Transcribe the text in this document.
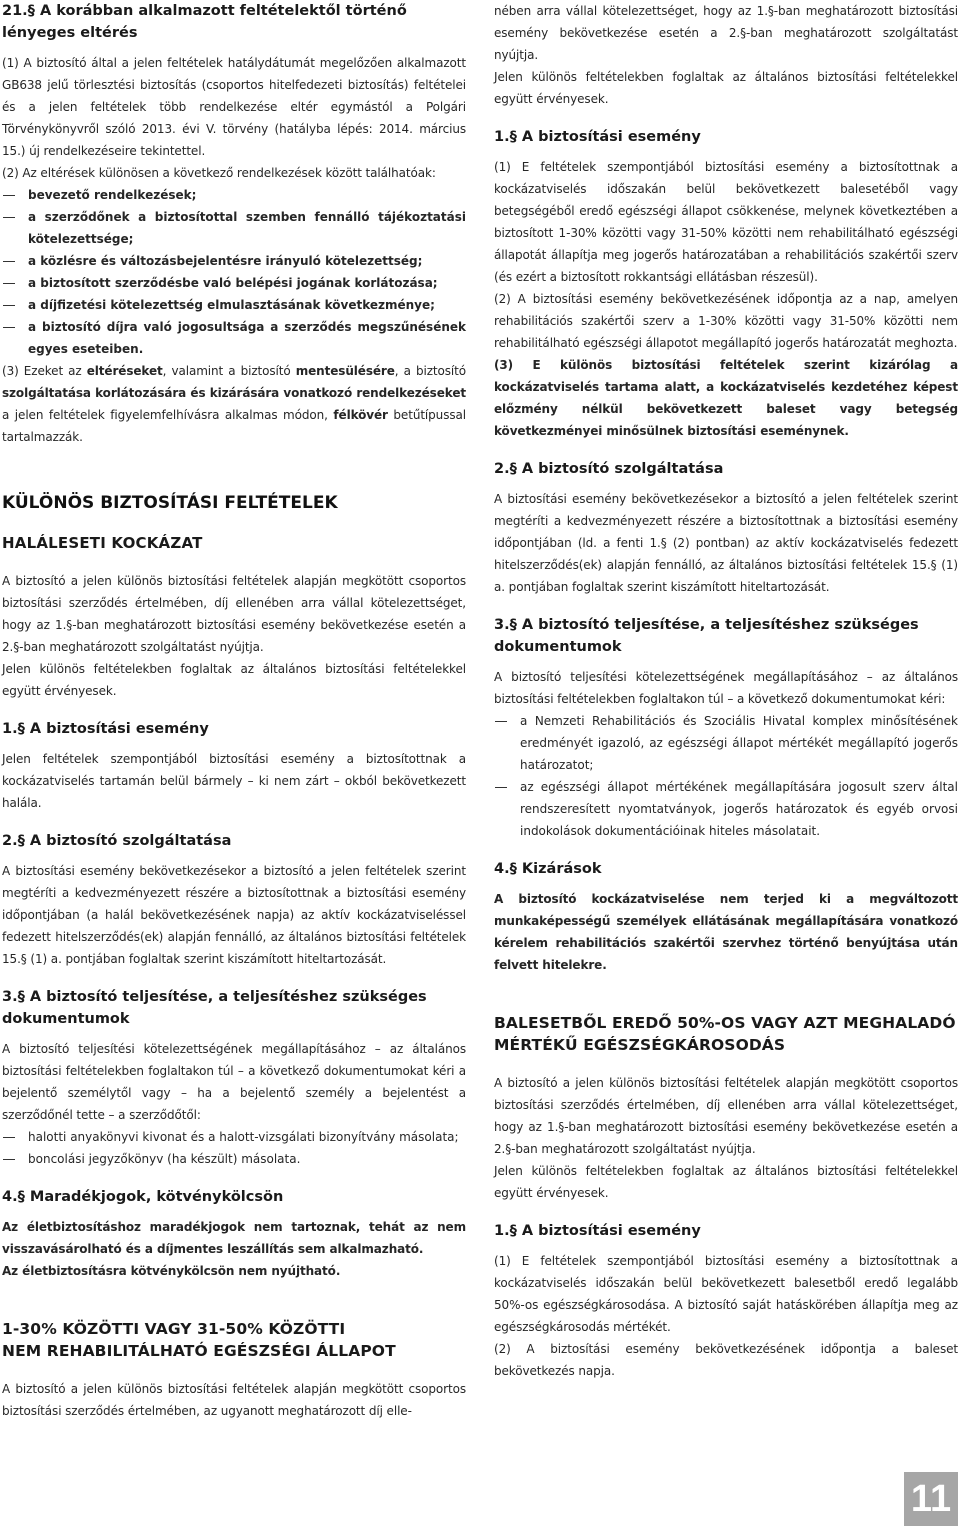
21.§ A korábban alkalmazott feltételektől történő lényeges eltérés

(1) A biztosító által a jelen feltételek hatálydátumát megelőzően alkalmazott GB638 jelű törlesztési biztosítás (csoportos hitelfedezeti biztosítás) feltételei és a jelen feltételek több rendelkezése eltér egymástól a Polgári Törvénykönyvről szóló 2013. évi V. törvény (hatályba lépés: 2014. március 15.) új rendelkezéseire tekintettel.

(2) Az eltérések különösen a következő rendelkezések között találhatóak:

bevezető rendelkezések;
a szerződőnek a biztosítottal szemben fennálló tájékoztatási kötelezettsége;
a közlésre és változásbejelentésre irányuló kötelezettség;
a biztosított szerződésbe való belépési jogának korlátozása;
a díjfizetési kötelezettség elmulasztásának következménye;
a biztosító díjra való jogosultsága a szerződés megszűnésének egyes eseteiben.

(3) Ezeket az eltéréseket, valamint a biztosító mentesülésére, a biztosító szolgáltatása korlátozására és kizárására vonatkozó rendelkezéseket a jelen feltételek figyelemfelhívásra alkalmas módon, félkövér betűtípussal tartalmazzák.

KÜLÖNÖS BIZTOSÍTÁSI FELTÉTELEK
HALÁLESETI KOCKÁZAT

A biztosító a jelen különös biztosítási feltételek alapján megkötött csoportos biztosítási szerződés értelmében, díj ellenében arra vállal kötelezettséget, hogy az 1.§-ban meghatározott biztosítási esemény bekövetkezése esetén a 2.§-ban meghatározott szolgáltatást nyújtja.

Jelen különös feltételekben foglaltak az általános biztosítási feltételekkel együtt érvényesek.

1.§ A biztosítási esemény

Jelen feltételek szempontjából biztosítási esemény a biztosítottnak a kockázatviselés tartamán belül bármely – ki nem zárt – okból bekövetkezett halála.

2.§ A biztosító szolgáltatása

A biztosítási esemény bekövetkezésekor a biztosító a jelen feltételek szerint megtéríti a kedvezményezett részére a biztosítottnak a biztosítási esemény időpontjában (a halál bekövetkezésének napja) az aktív kockázatviseléssel fedezett hitelszerződés(ek) alapján fennálló, az általános biztosítási feltételek 15.§ (1) a. pontjában foglaltak szerint kiszámított hiteltartozását.

3.§ A biztosító teljesítése, a teljesítéshez szükséges dokumentumok

A biztosító teljesítési kötelezettségének megállapításához – az általános biztosítási feltételekben foglaltakon túl – a következő dokumentumokat kéri a bejelentő személytől vagy – ha a bejelentő személy a bejelentést a szerződőnél tette – a szerződőtől:

halotti anyakönyvi kivonat és a halott-vizsgálati bizonyítvány másolata;
boncolási jegyzőkönyv (ha készült) másolata.
4.§ Maradékjogok, kötvénykölcsön

Az életbiztosításhoz maradékjogok nem tartoznak, tehát az nem visszavásárolható és a díjmentes leszállítás sem alkalmazható.

Az életbiztosításra kötvénykölcsön nem nyújtható.

1-30% KÖZÖTTI VAGY 31-50% KÖZÖTTI
NEM REHABILITÁLHATÓ EGÉSZSÉGI ÁLLAPOT

A biztosító a jelen különös biztosítási feltételek alapján megkötött csoportos biztosítási szerződés értelmében, az ugyanott meghatározott díj elle-

nében arra vállal kötelezettséget, hogy az 1.§-ban meghatározott biztosítási esemény bekövetkezése esetén a 2.§-ban meghatározott szolgáltatást nyújtja.

Jelen különös feltételekben foglaltak az általános biztosítási feltételekkel együtt érvényesek.

1.§ A biztosítási esemény

(1) E feltételek szempontjából biztosítási esemény a biztosítottnak a kockázatviselés időszakán belül bekövetkezett balesetéből vagy betegségéből eredő egészségi állapot csökkenése, melynek következtében a biztosított 1-30% közötti vagy 31-50% közötti nem rehabilitálható egészségi állapotát állapítja meg jogerős határozatában a rehabilitációs szakértői szerv (és ezért a biztosított rokkantsági ellátásban részesül).

(2) A biztosítási esemény bekövetkezésének időpontja az a nap, amelyen rehabilitációs szakértői szerv a 1-30% közötti vagy 31-50% közötti nem rehabilitálható egészségi állapotot megállapító jogerős határozatát meghozta.

(3) E különös biztosítási feltételek szerint kizárólag a kockázatviselés tartama alatt, a kockázatviselés kezdetéhez képest előzmény nélkül bekövetkezett baleset vagy betegség következményei minősülnek biztosítási eseménynek.

2.§ A biztosító szolgáltatása

A biztosítási esemény bekövetkezésekor a biztosító a jelen feltételek szerint megtéríti a kedvezményezett részére a biztosítottnak a biztosítási esemény időpontjában (ld. a fenti 1.§ (2) pontban) az aktív kockázatviselés fedezett hitelszerződés(ek) alapján fennálló, az általános biztosítási feltételek 15.§ (1) a. pontjában foglaltak szerint kiszámított hiteltartozását.

3.§ A biztosító teljesítése, a teljesítéshez szükséges dokumentumok

A biztosító teljesítési kötelezettségének megállapításához – az általános biztosítási feltételekben foglaltakon túl – a következő dokumentumokat kéri:

a Nemzeti Rehabilitációs és Szociális Hivatal komplex minősítésének eredményét igazoló, az egészségi állapot mértékét megállapító jogerős határozatot;
az egészségi állapot mértékének megállapítására jogosult szerv által rendszeresített nyomtatványok, jogerős határozatok és egyéb orvosi indokolások dokumentációinak hiteles másolatait.
4.§ Kizárások

A biztosító kockázatviselése nem terjed ki a megváltozott munkaképességű személyek ellátásának megállapítására vonatkozó kérelem rehabilitációs szakértői szervhez történő benyújtása után felvett hitelekre.

BALESETBŐL EREDŐ 50%-OS VAGY AZT MEGHALADÓ MÉRTÉKŰ EGÉSZSÉGKÁROSODÁS

A biztosító a jelen különös biztosítási feltételek alapján megkötött csoportos biztosítási szerződés értelmében, díj ellenében arra vállal kötelezettséget, hogy az 1.§-ban meghatározott biztosítási esemény bekövetkezése esetén a 2.§-ban meghatározott szolgáltatást nyújtja.

Jelen különös feltételekben foglaltak az általános biztosítási feltételekkel együtt érvényesek.

1.§ A biztosítási esemény

(1) E feltételek szempontjából biztosítási esemény a biztosítottnak a kockázatviselés időszakán belül bekövetkezett balesetből eredő legalább 50%-os egészségkárosodása. A biztosító saját hatáskörében állapítja meg az egészségkárosodás mértékét.

(2) A biztosítási esemény bekövetkezésének időpontja a baleset bekövetkezés napja.

11
